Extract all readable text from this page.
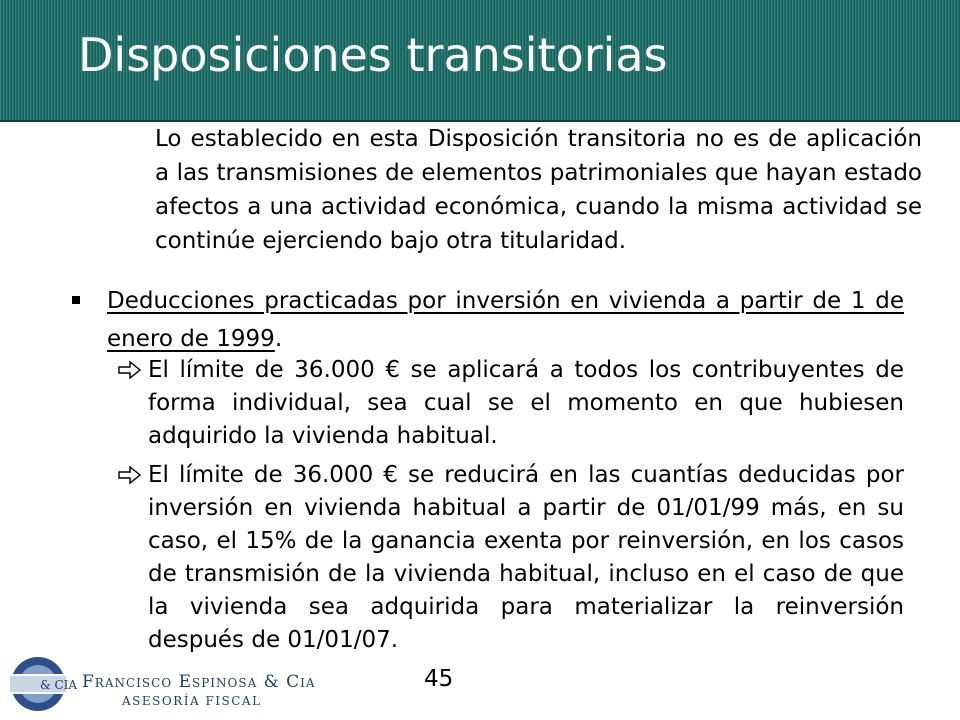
Disposiciones transitorias
Lo establecido en esta Disposición transitoria no es de aplicación a las transmisiones de elementos patrimoniales que hayan estado afectos a una actividad económica, cuando la misma actividad se continúe ejerciendo bajo otra titularidad.
Deducciones practicadas por inversión en vivienda a partir de 1 de enero de 1999.
El límite de 36.000 € se aplicará a todos los contribuyentes de forma individual, sea cual se el momento en que hubiesen adquirido la vivienda habitual.
El límite de 36.000 € se reducirá en las cuantías deducidas por inversión en vivienda habitual a partir de 01/01/99 más, en su caso, el 15% de la ganancia exenta por reinversión, en los casos de transmisión de la vivienda habitual, incluso en el caso de que la vivienda sea adquirida para materializar la reinversión después de 01/01/07.
& CIA Francisco Espinosa & Cia
ASESORÍA FISCAL
45
